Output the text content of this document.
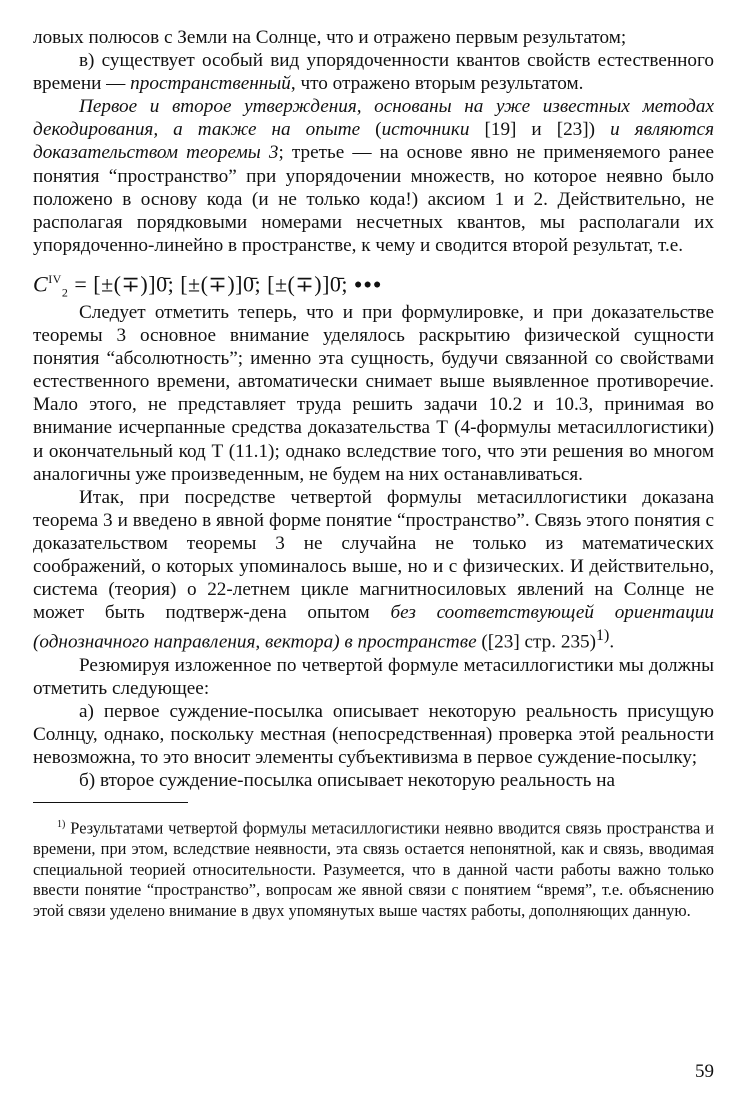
ловых полюсов с Земли на Солнце, что и отражено первым результатом;

в) существует особый вид упорядоченности квантов свойств естественного времени — пространственный, что отражено вторым результатом.

Первое и второе утверждения, основаны на уже известных методах декодирования, а также на опыте (источники [19] и [23]) и являются доказательством теоремы 3; третье — на основе явно не применяемого ранее понятия “пространство” при упорядочении множеств, но которое неявно было положено в основу кода (и не только кода!) аксиом 1 и 2. Действительно, не располагая порядковыми номерами несчетных квантов, мы располагали их упорядоченно-линейно в пространстве, к чему и сводится второй результат, т.е.

$C^{IV}_2$ = [±(∓)]0̄; [±(∓)]0̄; [±(∓)]0̄; ●●●

Следует отметить теперь, что и при формулировке, и при доказательстве теоремы 3 основное внимание уделялось раскрытию физической сущности понятия “абсолютность”; именно эта сущность, будучи связанной со свойствами естественного времени, автоматически снимает выше выявленное противоречие. Мало этого, не представляет труда решить задачи 10.2 и 10.3, принимая во внимание исчерпанные средства доказательства Т (4-формулы метасиллогистики) и окончательный код Т (11.1); однако вследствие того, что эти решения во многом аналогичны уже произведенным, не будем на них останавливаться.

Итак, при посредстве четвертой формулы метасиллогистики доказана теорема 3 и введено в явной форме понятие “пространство”. Связь этого понятия с доказательством теоремы 3 не случайна не только из математических соображений, о которых упоминалось выше, но и с физических. И действительно, система (теория) о 22-летнем цикле магнитносиловых явлений на Солнце не может быть подтверж-дена опытом без соответствующей ориентации (однозначного направления, вектора) в пространстве ([23] стр. 235)$^{1)}$.

Резюмируя изложенное по четвертой формуле метасиллогистики мы должны отметить следующее:

а) первое суждение-посылка описывает некоторую реальность присущую Солнцу, однако, поскольку местная (непосредственная) проверка этой реальности невозможна, то это вносит элементы субъективизма в первое суждение-посылку;

б) второе суждение-посылка описывает некоторую реальность на

$^{1)}$ Результатами четвертой формулы метасиллогистики неявно вводится связь пространства и времени, при этом, вследствие неявности, эта связь остается непонятной, как и связь, вводимая специальной теорией относительности. Разумеется, что в данной части работы важно только ввести понятие “пространство”, вопросам же явной связи с понятием “время”, т.е. объяснению этой связи уделено внимание в двух упомянутых выше частях работы, дополняющих данную.

59
